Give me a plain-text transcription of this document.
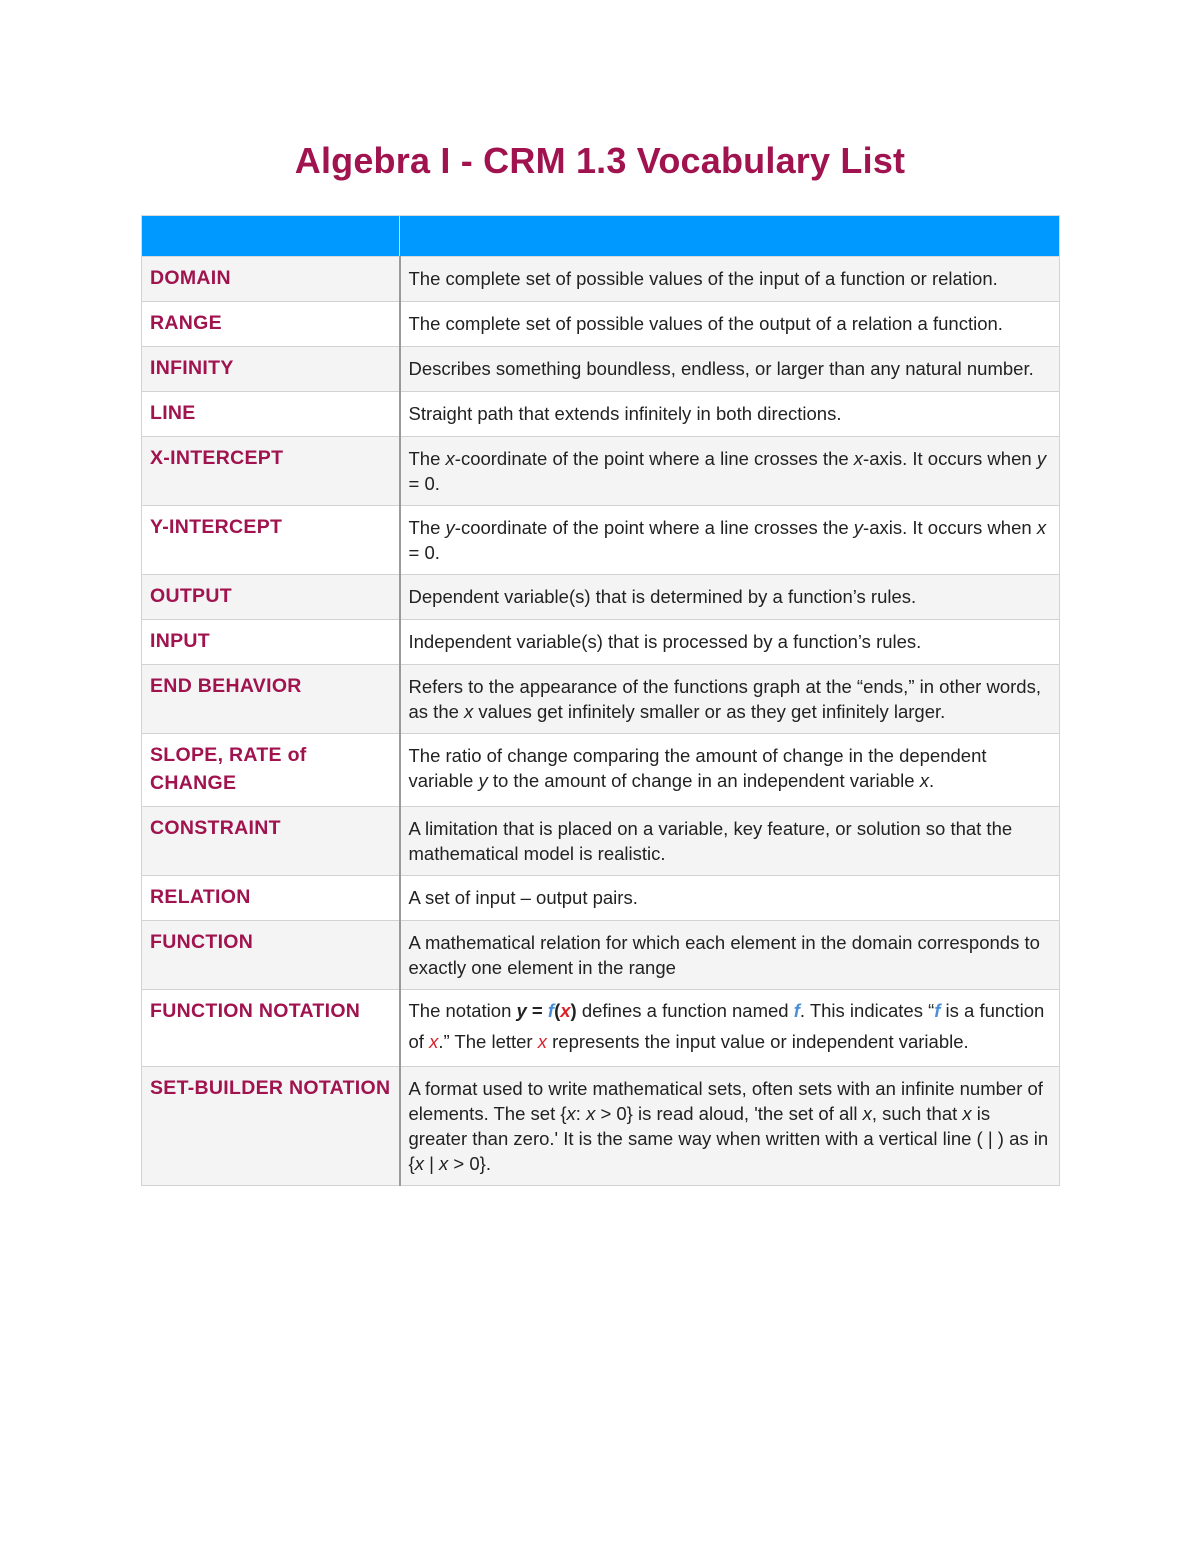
Algebra I - CRM 1.3 Vocabulary List

DOMAIN	The complete set of possible values of the input of a function or relation.
RANGE	The complete set of possible values of the output of a relation a function.
INFINITY	Describes something boundless, endless, or larger than any natural number.
LINE	Straight path that extends infinitely in both directions.
X-INTERCEPT	The x-coordinate of the point where a line crosses the x-axis. It occurs when y = 0.
Y-INTERCEPT	The y-coordinate of the point where a line crosses the y-axis. It occurs when x = 0.
OUTPUT	Dependent variable(s) that is determined by a function’s rules.
INPUT	Independent variable(s) that is processed by a function’s rules.
END BEHAVIOR	Refers to the appearance of the functions graph at the “ends,” in other words, as the x values get infinitely smaller or as they get infinitely larger.
SLOPE, RATE of CHANGE	The ratio of change comparing the amount of change in the dependent variable y to the amount of change in an independent variable x.
CONSTRAINT	A limitation that is placed on a variable, key feature, or solution so that the mathematical model is realistic.
RELATION	A set of input – output pairs.
FUNCTION	A mathematical relation for which each element in the domain corresponds to exactly one element in the range
FUNCTION NOTATION	The notation y = f(x) defines a function named f. This indicates “f is a function of x.” The letter x represents the input value or independent variable.
SET-BUILDER NOTATION	A format used to write mathematical sets, often sets with an infinite number of elements. The set {x: x > 0} is read aloud, 'the set of all x, such that x is greater than zero.' It is the same way when written with a vertical line ( | ) as in {x | x > 0}.
